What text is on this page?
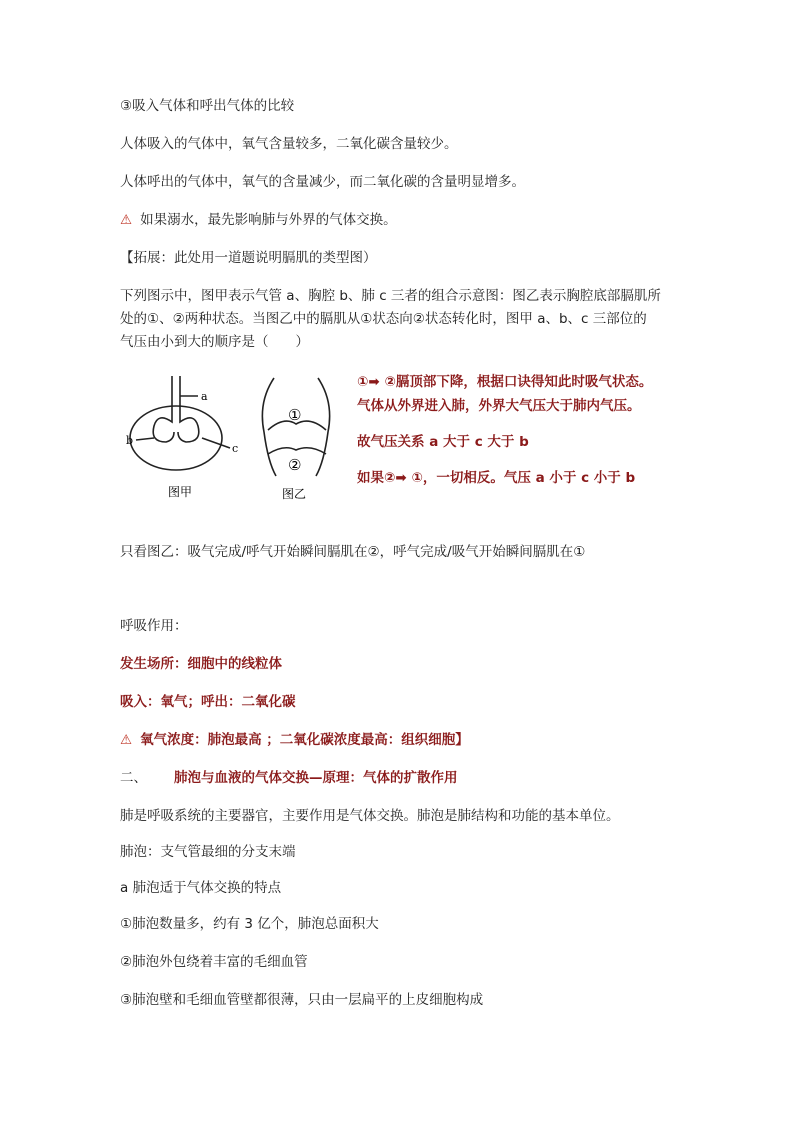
③吸入气体和呼出气体的比较
人体吸入的气体中，氧气含量较多，二氧化碳含量较少。
人体呼出的气体中，氧气的含量减少，而二氧化碳的含量明显增多。
⚠ 如果溺水，最先影响肺与外界的气体交换。
【拓展：此处用一道题说明膈肌的类型图）
下列图示中，图甲表示气管 a、胸腔 b、肺 c 三者的组合示意图：图乙表示胸腔底部膈肌所
处的①、②两种状态。当图乙中的膈肌从①状态向②状态转化时，图甲 a、b、c 三部位的
气压由小到大的顺序是（　　）
a
b
c
图甲
①
②
图乙
①➡ ②膈顶部下降，根据口诀得知此时吸气状态。
气体从外界进入肺，外界大气压大于肺内气压。
故气压关系 a 大于 c 大于 b
如果②➡ ①，一切相反。气压 a 小于 c 小于 b
只看图乙：吸气完成/呼气开始瞬间膈肌在②，呼气完成/吸气开始瞬间膈肌在①
呼吸作用：
发生场所：细胞中的线粒体
吸入：氧气；呼出：二氧化碳
⚠ 氧气浓度：肺泡最高 ；二氧化碳浓度最高：组织细胞】
二、 肺泡与血液的气体交换—原理：气体的扩散作用
肺是呼吸系统的主要器官，主要作用是气体交换。肺泡是肺结构和功能的基本单位。
肺泡：支气管最细的分支末端
a 肺泡适于气体交换的特点
①肺泡数量多，约有 3 亿个，肺泡总面积大
②肺泡外包绕着丰富的毛细血管
③肺泡壁和毛细血管壁都很薄，只由一层扁平的上皮细胞构成
